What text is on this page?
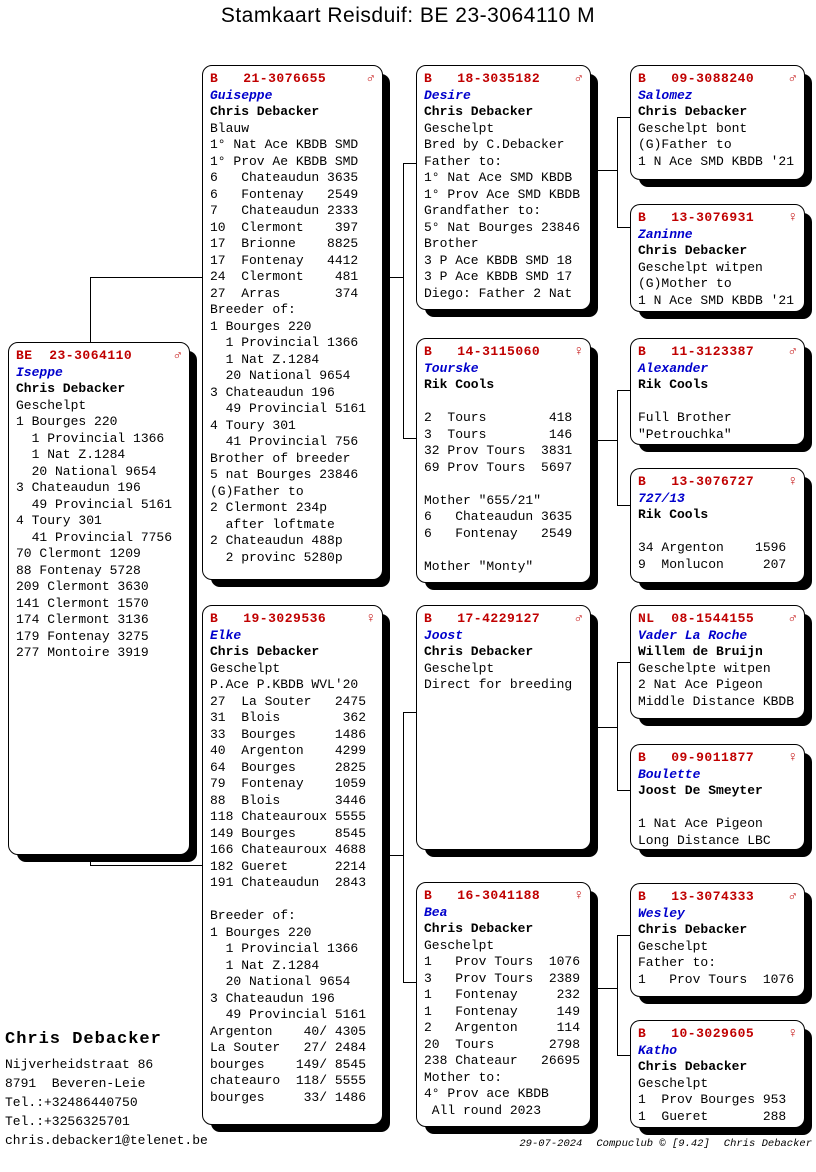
Stamkaart Reisduif: BE 23-3064110 M
BE  23-3064110	♂
Iseppe
Chris Debacker
Geschelpt
1 Bourges 220
1 Provincial 1366
1 Nat Z.1284
20 National 9654
3 Chateaudun 196
49 Provincial 5161
4 Toury 301
41 Provincial 7756
70 Clermont 1209
88 Fontenay 5728
209 Clermont 3630
141 Clermont 1570
174 Clermont 3136
179 Fontenay 3275
277 Montoire 3919
B   21-3076655	♂
Guiseppe
Chris Debacker
Blauw
1° Nat Ace KBDB SMD
1° Prov Ae KBDB SMD
6   Chateaudun 3635
6   Fontenay   2549
7   Chateaudun 2333
10  Clermont    397
17  Brionne    8825
17  Fontenay   4412
24  Clermont    481
27  Arras       374
Breeder of:
1 Bourges 220
1 Provincial 1366
1 Nat Z.1284
20 National 9654
3 Chateaudun 196
49 Provincial 5161
4 Toury 301
41 Provincial 756
Brother of breeder
5 nat Bourges 23846
(G)Father to
2 Clermont 234p
after loftmate
2 Chateaudun 488p
2 provinc 5280p
B   19-3029536	♀
Elke
Chris Debacker
Geschelpt
P.Ace P.KBDB WVL'20
27  La Souter   2475
31  Blois        362
33  Bourges     1486
40  Argenton    4299
64  Bourges     2825
79  Fontenay    1059
88  Blois       3446
118 Chateauroux 5555
149 Bourges     8545
166 Chateauroux 4688
182 Gueret      2214
191 Chateaudun  2843

Breeder of:
1 Bourges 220
1 Provincial 1366
1 Nat Z.1284
20 National 9654
3 Chateaudun 196
49 Provincial 5161
Argenton    40/ 4305
La Souter   27/ 2484
bourges    149/ 8545
chateauro  118/ 5555
bourges     33/ 1486
B   18-3035182 ♂
Desire
Chris Debacker
Geschelpt
Bred by C.Debacker
Father to:
1° Nat Ace SMD KBDB
1° Prov Ace SMD KBDB
Grandfather to:
5° Nat Bourges 23846
Brother
3 P Ace KBDB SMD 18
3 P Ace KBDB SMD 17
Diego: Father 2 Nat
B   14-3115060 ♀
Tourske
Rik Cools

2  Tours        418
3  Tours        146
32 Prov Tours  3831
69 Prov Tours  5697

Mother "655/21"
6   Chateaudun 3635
6   Fontenay   2549

Mother "Monty"
B   17-4229127 ♂
Joost
Chris Debacker
Geschelpt
Direct for breeding
B   16-3041188 ♀
Bea
Chris Debacker
Geschelpt
1   Prov Tours  1076
3   Prov Tours  2389
1   Fontenay     232
1   Fontenay     149
2   Argenton     114
20  Tours       2798
238 Chateaur   26695
Mother to:
4° Prov ace KBDB
All round 2023
B   09-3088240 ♂
Salomez
Chris Debacker
Geschelpt bont
(G)Father to
1 N Ace SMD KBDB '21
B   13-3076931 ♀
Zaninne
Chris Debacker
Geschelpt witpen
(G)Mother to
1 N Ace SMD KBDB '21
B   11-3123387 ♂
Alexander
Rik Cools

Full Brother
"Petrouchka"
B   13-3076727 ♀
727/13
Rik Cools

34 Argenton    1596
9  Monlucon     207
NL  08-1544155 ♂
Vader La Roche
Willem de Bruijn
Geschelpte witpen
2 Nat Ace Pigeon
Middle Distance KBDB
B   09-9011877 ♀
Boulette
Joost De Smeyter

1 Nat Ace Pigeon
Long Distance LBC
B   13-3074333 ♂
Wesley
Chris Debacker
Geschelpt
Father to:
1   Prov Tours  1076
B   10-3029605 ♀
Katho
Chris Debacker
Geschelpt
1  Prov Bourges 953
1  Gueret       288
Chris Debacker
Nijverheidstraat 86
8791  Beveren-Leie
Tel.:+32486440750
Tel.:+3256325701
chris.debacker1@telenet.be	29-07-2024 Compuclub © [9.42] Chris Debacker
